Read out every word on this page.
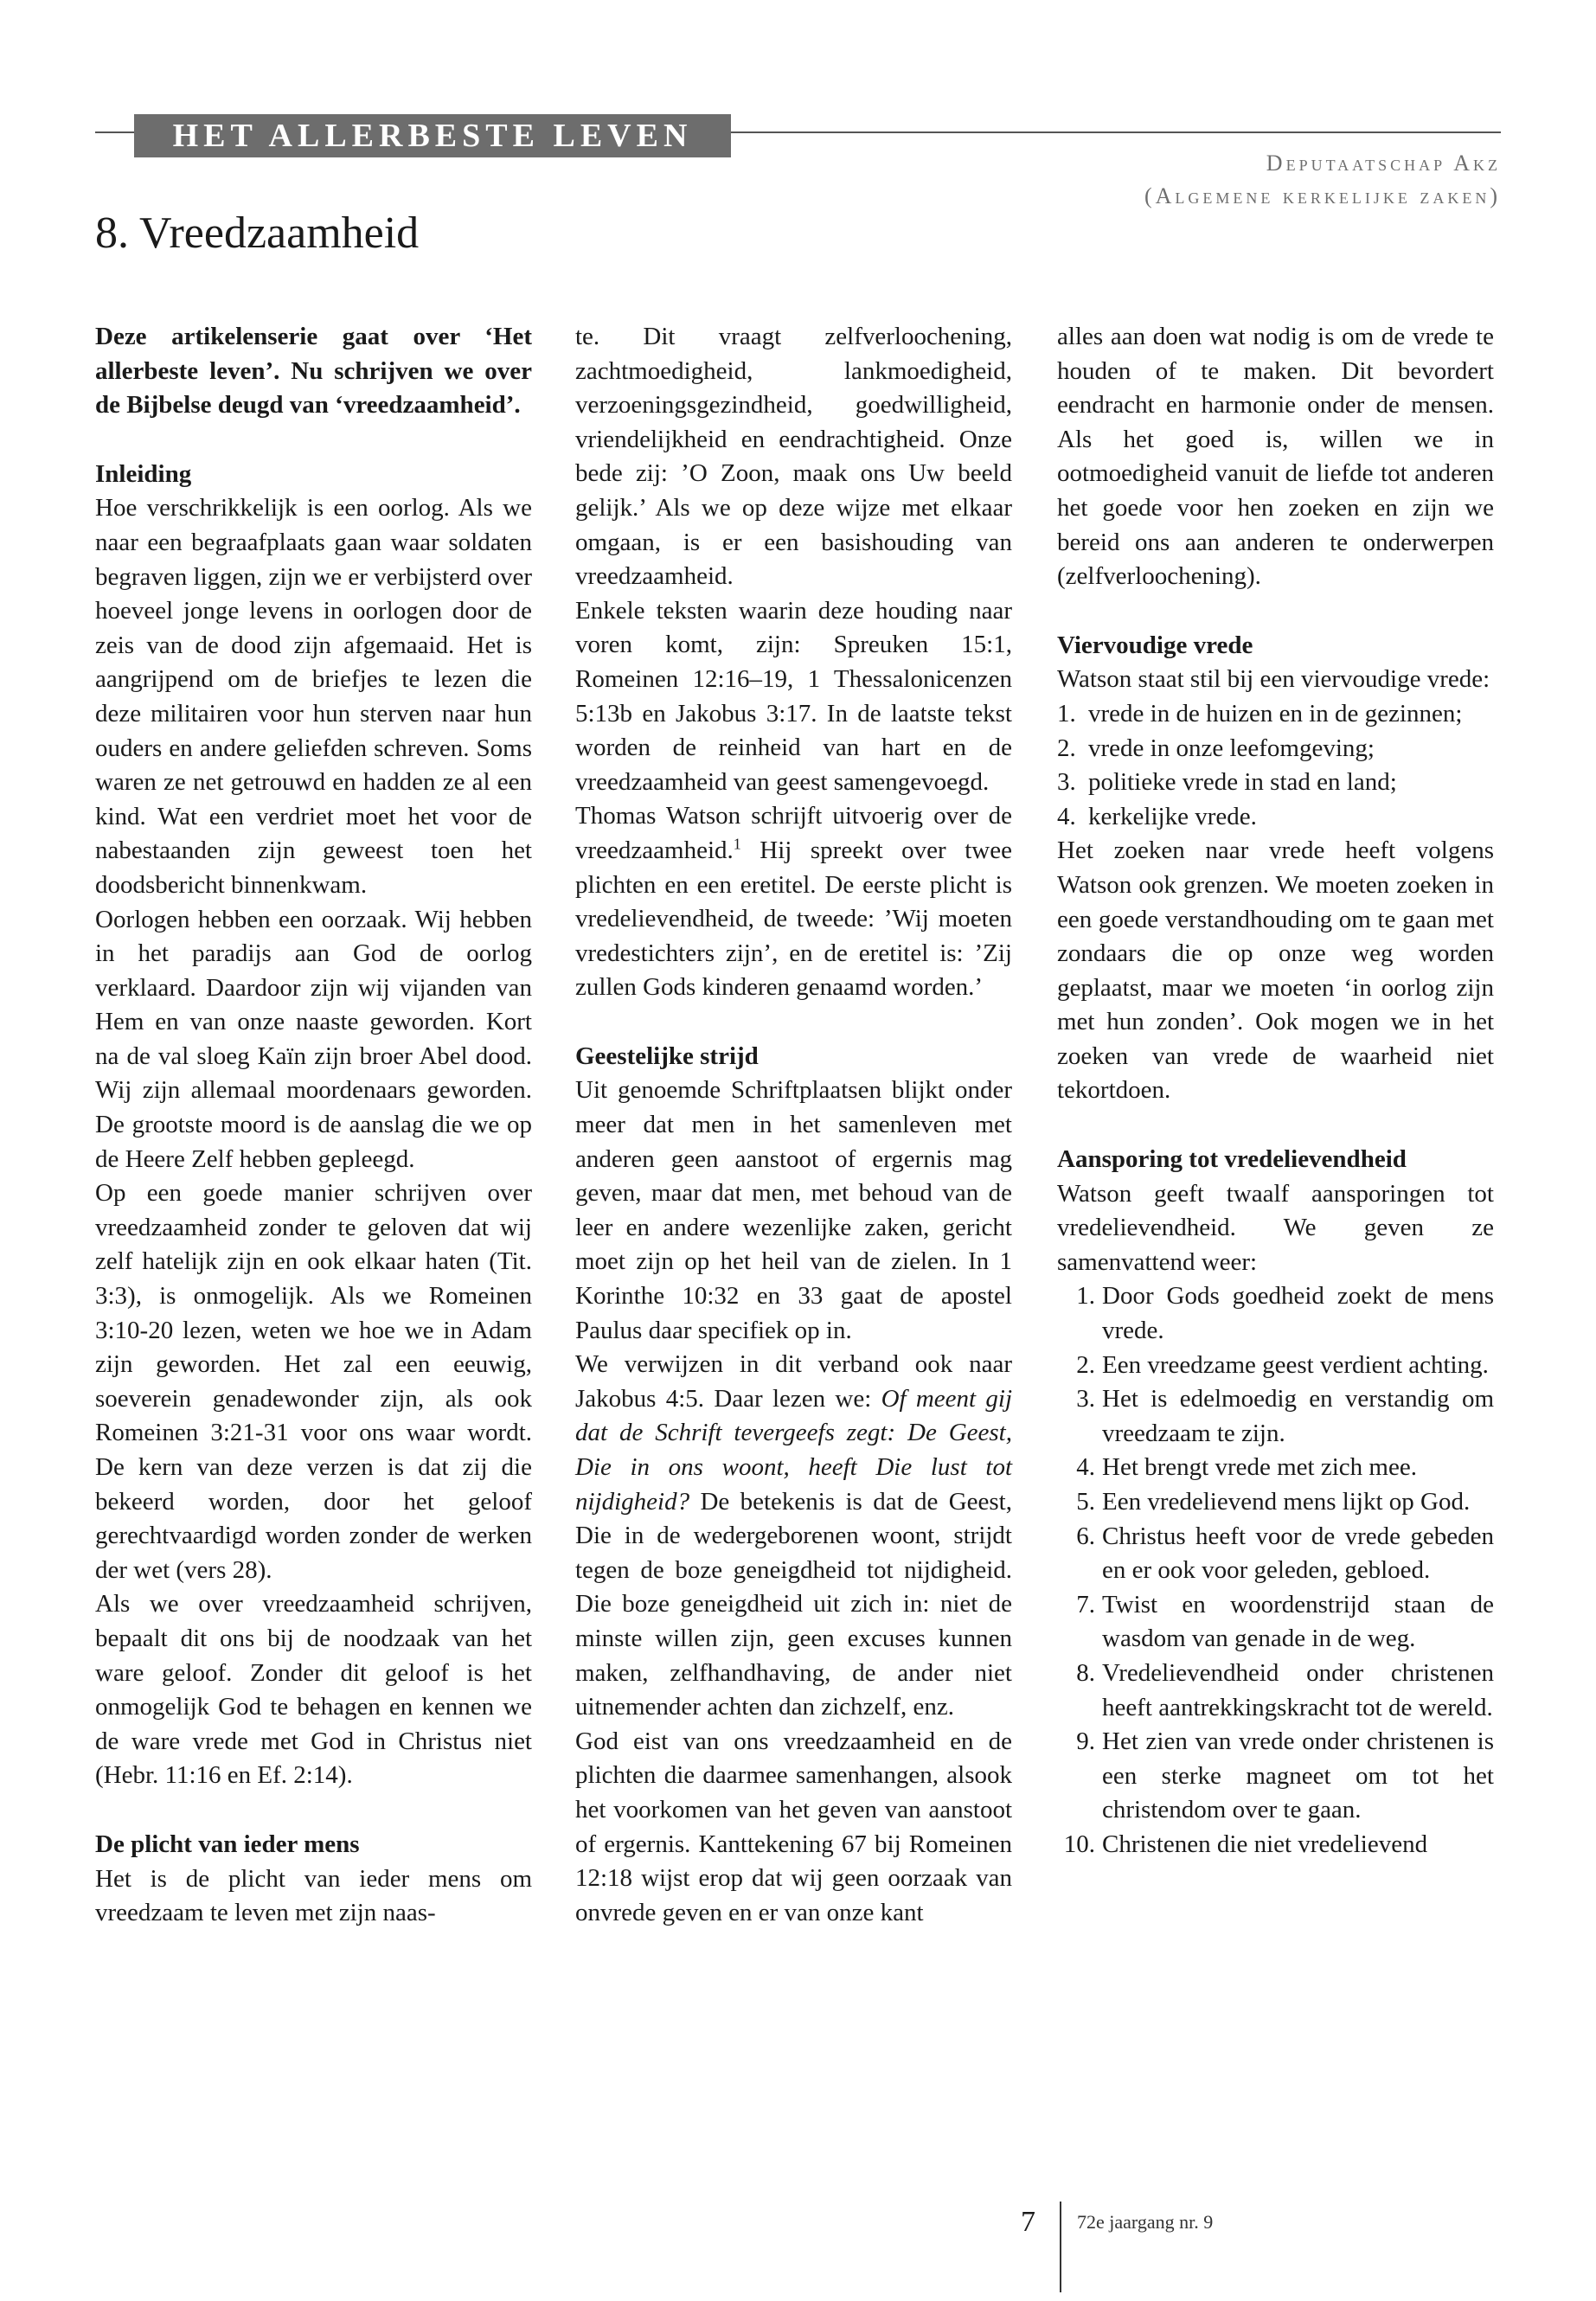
HET ALLERBESTE LEVEN
Deputaatschap Akz
(Algemene kerkelijke zaken)
8. Vreedzaamheid

Deze artikelenserie gaat over ‘Het allerbeste leven’. Nu schrijven we over de Bijbelse deugd van ‘vreedzaamheid’.

Inleiding

Hoe verschrikkelijk is een oorlog. Als we naar een begraafplaats gaan waar soldaten begraven liggen, zijn we er verbijsterd over hoeveel jonge levens in oorlogen door de zeis van de dood zijn afgemaaid. Het is aangrijpend om de briefjes te lezen die deze militairen voor hun sterven naar hun ouders en andere geliefden schreven. Soms waren ze net getrouwd en hadden ze al een kind. Wat een verdriet moet het voor de nabestaanden zijn geweest toen het doodsbericht binnenkwam.

Oorlogen hebben een oorzaak. Wij hebben in het paradijs aan God de oorlog verklaard. Daardoor zijn wij vijanden van Hem en van onze naaste geworden. Kort na de val sloeg Kaïn zijn broer Abel dood. Wij zijn allemaal moordenaars geworden. De grootste moord is de aanslag die we op de Heere Zelf hebben gepleegd.

Op een goede manier schrijven over vreedzaamheid zonder te geloven dat wij zelf hatelijk zijn en ook elkaar haten (Tit. 3:3), is onmogelijk. Als we Romeinen 3:10-20 lezen, weten we hoe we in Adam zijn geworden. Het zal een eeuwig, soeverein genadewonder zijn, als ook Romeinen 3:21-31 voor ons waar wordt. De kern van deze verzen is dat zij die bekeerd worden, door het geloof gerechtvaardigd worden zonder de werken der wet (vers 28).

Als we over vreedzaamheid schrijven, bepaalt dit ons bij de noodzaak van het ware geloof. Zonder dit geloof is het onmogelijk God te behagen en kennen we de ware vrede met God in Christus niet (Hebr. 11:16 en Ef. 2:14).

De plicht van ieder mens

Het is de plicht van ieder mens om vreedzaam te leven met zijn naas-

te. Dit vraagt zelfverloochening, zachtmoedigheid, lankmoedigheid, verzoeningsgezindheid, goedwilligheid, vriendelijkheid en eendrachtigheid. Onze bede zij: ’O Zoon, maak ons Uw beeld gelijk.’ Als we op deze wijze met elkaar omgaan, is er een basishouding van vreedzaamheid.

Enkele teksten waarin deze houding naar voren komt, zijn: Spreuken 15:1, Romeinen 12:16–19, 1 Thessalonicenzen 5:13b en Jakobus 3:17. In de laatste tekst worden de reinheid van hart en de vreedzaamheid van geest samengevoegd.

Thomas Watson schrijft uitvoerig over de vreedzaamheid.$^1$ Hij spreekt over twee plichten en een eretitel. De eerste plicht is vredelievendheid, de tweede: ’Wij moeten vredestichters zijn’, en de eretitel is: ’Zij zullen Gods kinderen genaamd worden.’

Geestelijke strijd

Uit genoemde Schriftplaatsen blijkt onder meer dat men in het samenleven met anderen geen aanstoot of ergernis mag geven, maar dat men, met behoud van de leer en andere wezenlijke zaken, gericht moet zijn op het heil van de zielen. In 1 Korinthe 10:32 en 33 gaat de apostel Paulus daar specifiek op in.

We verwijzen in dit verband ook naar Jakobus 4:5. Daar lezen we: Of meent gij dat de Schrift tevergeefs zegt: De Geest, Die in ons woont, heeft Die lust tot nijdigheid? De betekenis is dat de Geest, Die in de wedergeborenen woont, strijdt tegen de boze geneigdheid tot nijdigheid. Die boze geneigdheid uit zich in: niet de minste willen zijn, geen excuses kunnen maken, zelfhandhaving, de ander niet uitnemender achten dan zichzelf, enz.

God eist van ons vreedzaamheid en de plichten die daarmee samenhangen, alsook het voorkomen van het geven van aanstoot of ergernis. Kanttekening 67 bij Romeinen 12:18 wijst erop dat wij geen oorzaak van onvrede geven en er van onze kant

alles aan doen wat nodig is om de vrede te houden of te maken. Dit bevordert eendracht en harmonie onder de mensen. Als het goed is, willen we in ootmoedigheid vanuit de liefde tot anderen het goede voor hen zoeken en zijn we bereid ons aan anderen te onderwerpen (zelfverloochening).

Viervoudige vrede

Watson staat stil bij een viervoudige vrede:

1. vrede in de huizen en in de gezinnen;
2. vrede in onze leefomgeving;
3. politieke vrede in stad en land;
4. kerkelijke vrede.

Het zoeken naar vrede heeft volgens Watson ook grenzen. We moeten zoeken in een goede verstandhouding om te gaan met zondaars die op onze weg worden geplaatst, maar we moeten ‘in oorlog zijn met hun zonden’. Ook mogen we in het zoeken van vrede de waarheid niet tekortdoen.

Aansporing tot vredelievendheid

Watson geeft twaalf aansporingen tot vredelievendheid. We geven ze samenvattend weer:

1. Door Gods goedheid zoekt de mens vrede.
2. Een vreedzame geest verdient achting.
3. Het is edelmoedig en verstandig om vreedzaam te zijn.
4. Het brengt vrede met zich mee.
5. Een vredelievend mens lijkt op God.
6. Christus heeft voor de vrede gebeden en er ook voor geleden, gebloed.
7. Twist en woordenstrijd staan de wasdom van genade in de weg.
8. Vredelievendheid onder christenen heeft aantrekkingskracht tot de wereld.
9. Het zien van vrede onder christenen is een sterke magneet om tot het christendom over te gaan.
10. Christenen die niet vredelievend
7 72e jaargang nr. 9
